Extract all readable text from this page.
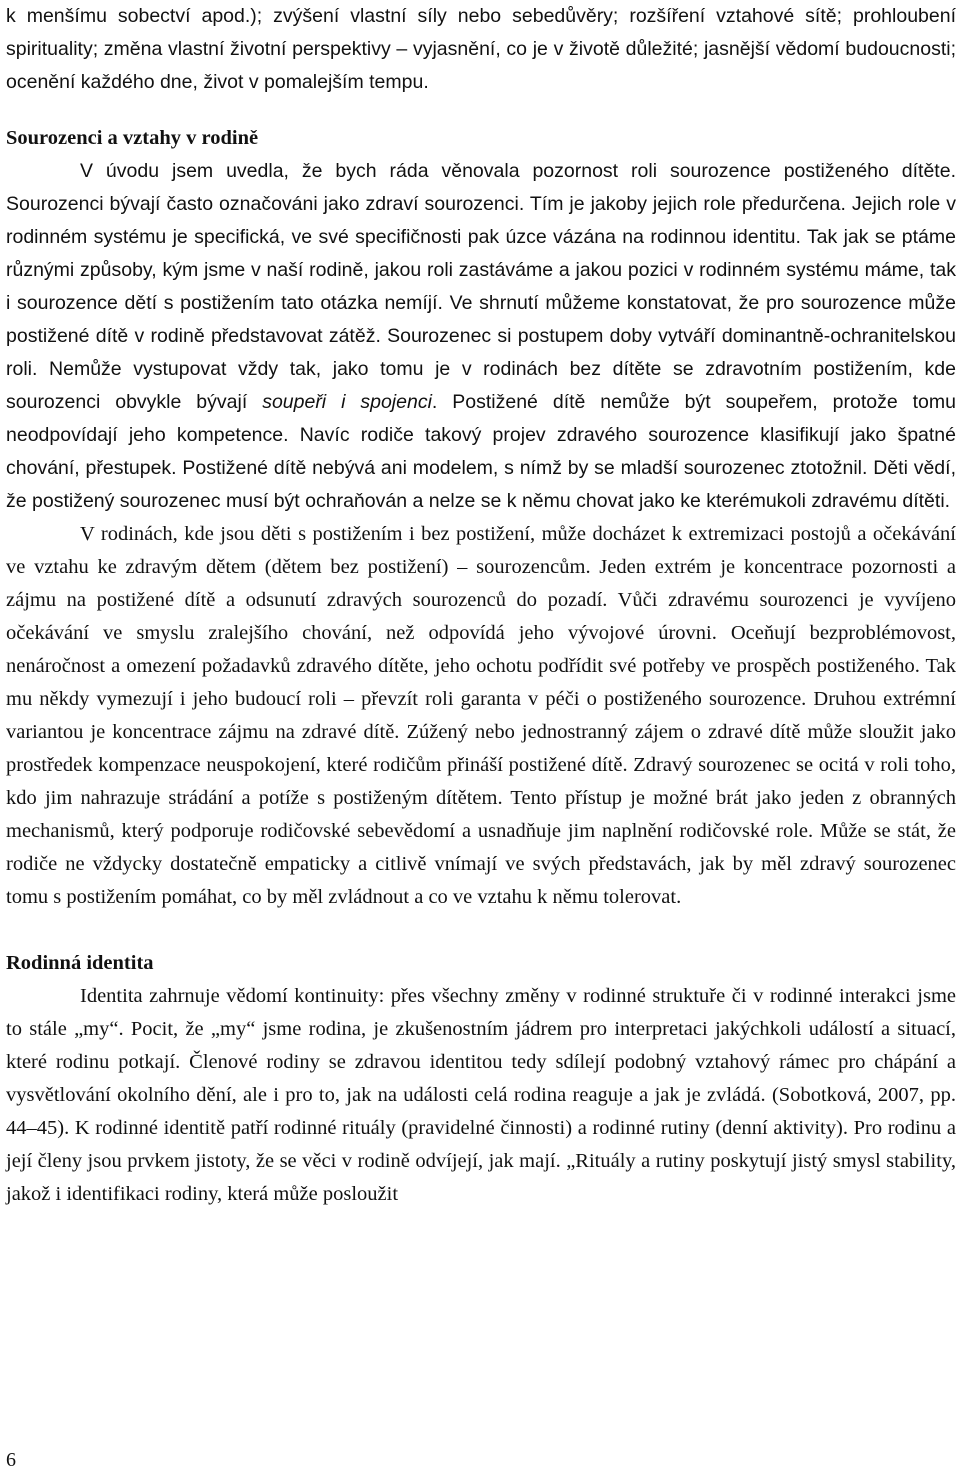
k menšímu sobectví apod.); zvýšení vlastní síly nebo sebedůvěry; rozšíření vztahové sítě; prohloubení spirituality; změna vlastní životní perspektivy – vyjasnění, co je v životě důležité; jasnější vědomí budoucnosti; ocenění každého dne, život v pomalejším tempu.

Sourozenci a vztahy v rodině

V úvodu jsem uvedla, že bych ráda věnovala pozornost roli sourozence postiženého dítěte. Sourozenci bývají často označováni jako zdraví sourozenci. Tím je jakoby jejich role předurčena. Jejich role v rodinném systému je specifická, ve své specifičnosti pak úzce vázána na rodinnou identitu. Tak jak se ptáme různými způsoby, kým jsme v naší rodině, jakou roli zastáváme a jakou pozici v rodinném systému máme, tak i sourozence dětí s postižením tato otázka nemíjí. Ve shrnutí můžeme konstatovat, že pro sourozence může postižené dítě v rodině představovat zátěž. Sourozenec si postupem doby vytváří dominantně-ochranitelskou roli. Nemůže vystupovat vždy tak, jako tomu je v rodinách bez dítěte se zdravotním postižením, kde sourozenci obvykle bývají soupeři i spojenci. Postižené dítě nemůže být soupeřem, protože tomu neodpovídají jeho kompetence. Navíc rodiče takový projev zdravého sourozence klasifikují jako špatné chování, přestupek. Postižené dítě nebývá ani modelem, s nímž by se mladší sourozenec ztotožnil. Děti vědí, že postižený sourozenec musí být ochraňován a nelze se k němu chovat jako ke kterémukoli zdravému dítěti.

V rodinách, kde jsou děti s postižením i bez postižení, může docházet k extremizaci postojů a očekávání ve vztahu ke zdravým dětem (dětem bez postižení) – sourozencům. Jeden extrém je koncentrace pozornosti a zájmu na postižené dítě a odsunutí zdravých sourozenců do pozadí. Vůči zdravému sourozenci je vyvíjeno očekávání ve smyslu zralejšího chování, než odpovídá jeho vývojové úrovni. Oceňují bezproblémovost, nenáročnost a omezení požadavků zdravého dítěte, jeho ochotu podřídit své potřeby ve prospěch postiženého. Tak mu někdy vymezují i jeho budoucí roli – převzít roli garanta v péči o postiženého sourozence. Druhou extrémní variantou je koncentrace zájmu na zdravé dítě. Zúžený nebo jednostranný zájem o zdravé dítě může sloužit jako prostředek kompenzace neuspokojení, které rodičům přináší postižené dítě. Zdravý sourozenec se ocitá v roli toho, kdo jim nahrazuje strádání a potíže s postiženým dítětem. Tento přístup je možné brát jako jeden z obranných mechanismů, který podporuje rodičovské sebevědomí a usnadňuje jim naplnění rodičovské role. Může se stát, že rodiče ne vždycky dostatečně empaticky a citlivě vnímají ve svých představách, jak by měl zdravý sourozenec tomu s postižením pomáhat, co by měl zvládnout a co ve vztahu k němu tolerovat.

Rodinná identita

Identita zahrnuje vědomí kontinuity: přes všechny změny v rodinné struktuře či v rodinné interakci jsme to stále „my“. Pocit, že „my“ jsme rodina, je zkušenostním jádrem pro interpretaci jakýchkoli událostí a situací, které rodinu potkají. Členové rodiny se zdravou identitou tedy sdílejí podobný vztahový rámec pro chápání a vysvětlování okolního dění, ale i pro to, jak na události celá rodina reaguje a jak je zvládá. (Sobotková, 2007, pp. 44–45). K rodinné identitě patří rodinné rituály (pravidelné činnosti) a rodinné rutiny (denní aktivity). Pro rodinu a její členy jsou prvkem jistoty, že se věci v rodině odvíjejí, jak mají. „Rituály a rutiny poskytují jistý smysl stability, jakož i identifikaci rodiny, která může posloužit

6
